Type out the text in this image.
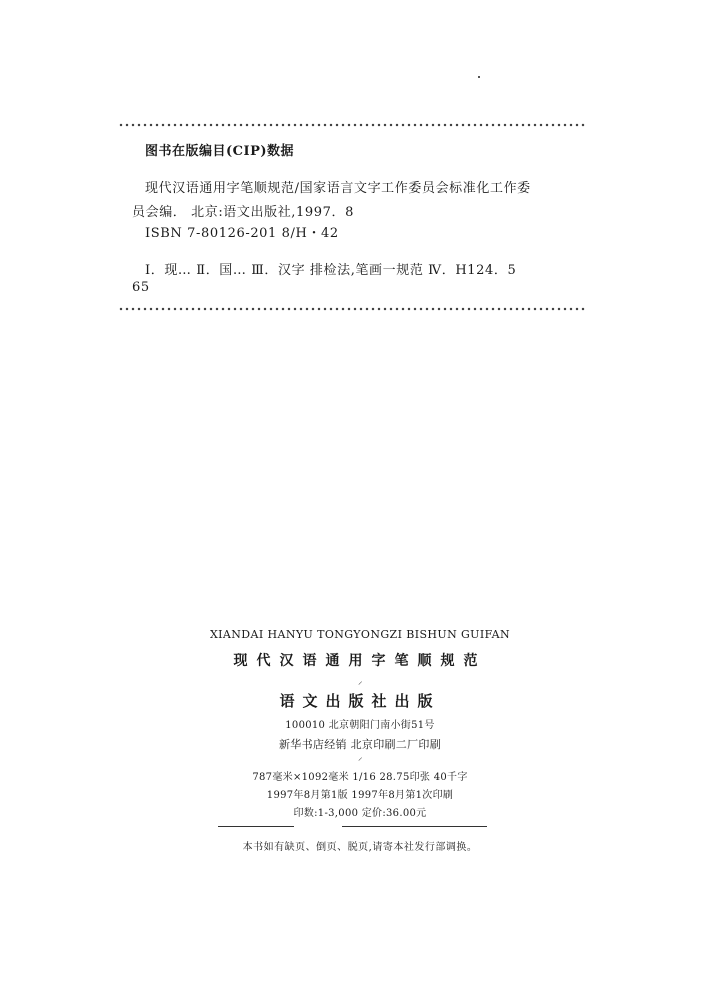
图书在版编目(CIP)数据
现代汉语通用字笔顺规范/国家语言文字工作委员会标准化工作委
员会编． 北京:语文出版社,1997．8
ISBN 7-80126-201 8/H・42
Ⅰ．现… Ⅱ．国… Ⅲ．汉字 排检法,笔画一规范 Ⅳ．H124．5
65
XIANDAI HANYU TONGYONGZI BISHUN GUIFAN
现代汉语通用字笔顺规范
⸝
语文出版社出版
100010 北京朝阳门南小街51号
新华书店经销 北京印刷二厂印刷
⸝
787毫米×1092毫米 1/16 28.75印张 40千字
1997年8月第1版 1997年8月第1次印刷
印数:1-3,000 定价:36.00元
本书如有缺页、倒页、脱页,请寄本社发行部调换。
